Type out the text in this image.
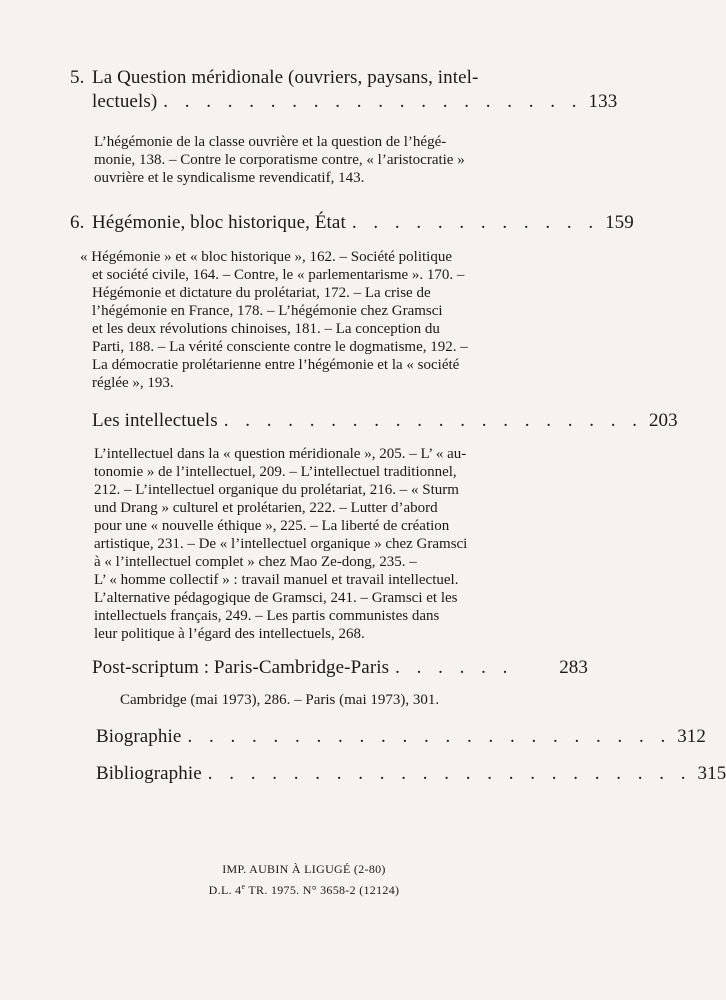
5. La Question méridionale (ouvriers, paysans, intel-
lectuels) . . . . . . . . . . . . . . . . . . . . 133
L’hégémonie de la classe ouvrière et la question de l’hégé-
monie, 138. – Contre le corporatisme contre, « l’aristocratie »
ouvrière et le syndicalisme revendicatif, 143.
6. Hégémonie, bloc historique, État . . . . . . . . . . . . 159
« Hégémonie » et « bloc historique », 162. – Société politique
et société civile, 164. – Contre, le « parlementarisme ». 170. –
Hégémonie et dictature du prolétariat, 172. – La crise de
l’hégémonie en France, 178. – L’hégémonie chez Gramsci
et les deux révolutions chinoises, 181. – La conception du
Parti, 188. – La vérité consciente contre le dogmatisme, 192. –
La démocratie prolétarienne entre l’hégémonie et la « société
réglée », 193.
Les intellectuels . . . . . . . . . . . . . . . . . . . . 203
L’intellectuel dans la « question méridionale », 205. – L’ « au-
tonomie » de l’intellectuel, 209. – L’intellectuel traditionnel,
212. – L’intellectuel organique du prolétariat, 216. – « Sturm
und Drang » culturel et prolétarien, 222. – Lutter d’abord
pour une « nouvelle éthique », 225. – La liberté de création
artistique, 231. – De « l’intellectuel organique » chez Gramsci
à « l’intellectuel complet » chez Mao Ze-dong, 235. –
L’ « homme collectif » : travail manuel et travail intellectuel.
L’alternative pédagogique de Gramsci, 241. – Gramsci et les
intellectuels français, 249. – Les partis communistes dans
leur politique à l’égard des intellectuels, 268.
Post-scriptum : Paris-Cambridge-Paris . . . . . .	283
Cambridge (mai 1973), 286. – Paris (mai 1973), 301.
Biographie . . . . . . . . . . . . . . . . . . . . . . . 312
Bibliographie . . . . . . . . . . . . . . . . . . . . . . . 315
IMP. AUBIN À LIGUGÉ (2-80)
D.L. 4e TR. 1975. N° 3658-2 (12124)
